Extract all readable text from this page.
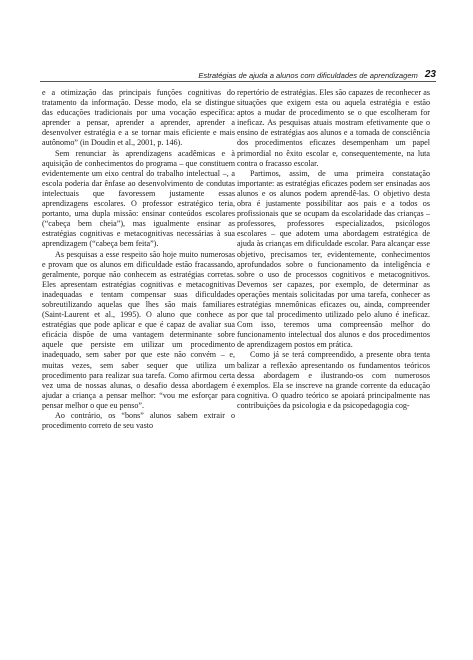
Estratégias de ajuda a alunos com dificuldades de aprendizagem 23

e a otimização das principais funções cognitivas do tratamento da informação. Desse modo, ela se distingue das educações tradicionais por uma vocação específica: aprender a pensar, aprender a aprender, aprender a desenvolver estratégia e a se tornar mais eficiente e mais autônomo” (in Doudin et al., 2001, p. 146).

Sem renunciar às aprendizagens acadêmicas e à aquisição de conhecimentos do programa – que constituem evidentemente um eixo central do trabalho intelectual –, a escola poderia dar ênfase ao desenvolvimento de condutas intelectuais que favoressem justamente essas aprendizagens escolares. O professor estratégico teria, portanto, uma dupla missão: ensinar conteúdos escolares (“cabeça bem cheia”), mas igualmente ensinar as estratégias cognitivas e metacognitivas necessárias à sua aprendizagem (“cabeça bem feita”).

As pesquisas a esse respeito são hoje muito numerosas e provam que os alunos em dificuldade estão fracassando, geralmente, porque não conhecem as estratégias corretas. Eles apresentam estratégias cognitivas e metacognitivas inadequadas e tentam compensar suas dificuldades sobreutilizando aquelas que lhes são mais familiares (Saint-Laurent et al., 1995). O aluno que conhece as estratégias que pode aplicar e que é capaz de avaliar sua eficácia dispõe de uma vantagem determinante sobre aquele que persiste em utilizar um procedimento inadequado, sem saber por que este não convém – e, muitas vezes, sem saber sequer que utiliza um procedimento para realizar sua tarefa. Como afirmou certa vez uma de nossas alunas, o desafio dessa abordagem é ajudar a criança a pensar melhor: “vou me esforçar para pensar melhor o que eu penso”.

Ao contrário, os “bons” alunos sabem extrair o procedimento correto de seu vasto

repertório de estratégias. Eles são capazes de reconhecer as situações que exigem esta ou aquela estratégia e estão aptos a mudar de procedimento se o que escolheram for ineficaz. As pesquisas atuais mostram efetivamente que o ensino de estratégias aos alunos e a tomada de consciência dos procedimentos eficazes desempenham um papel primordial no êxito escolar e, consequentemente, na luta contra o fracasso escolar.

Partimos, assim, de uma primeira constatação importante: as estratégias eficazes podem ser ensinadas aos alunos e os alunos podem aprendê-las. O objetivo desta obra é justamente possibilitar aos pais e a todos os profissionais que se ocupam da escolaridade das crianças – professores, professores especializados, psicólogos escolares – que adotem uma abordagem estratégica de ajuda às crianças em dificuldade escolar. Para alcançar esse objetivo, precisamos ter, evidentemente, conhecimentos aprofundados sobre o funcionamento da inteligência e sobre o uso de processos cognitivos e metacognitivos. Devemos ser capazes, por exemplo, de determinar as operações mentais solicitadas por uma tarefa, conhecer as estratégias mnemônicas eficazes ou, ainda, compreender por que tal procedimento utilizado pelo aluno é ineficaz. Com isso, teremos uma compreensão melhor do funcionamento intelectual dos alunos e dos procedimentos de aprendizagem postos em prática.

Como já se terá compreendido, a presente obra tenta balizar a reflexão apresentando os fundamentos teóricos dessa abordagem e ilustrando-os com numerosos exemplos. Ela se inscreve na grande corrente da educação cognitiva. O quadro teórico se apoiará principalmente nas contribuições da psicologia e da psicopedagogia cog-
